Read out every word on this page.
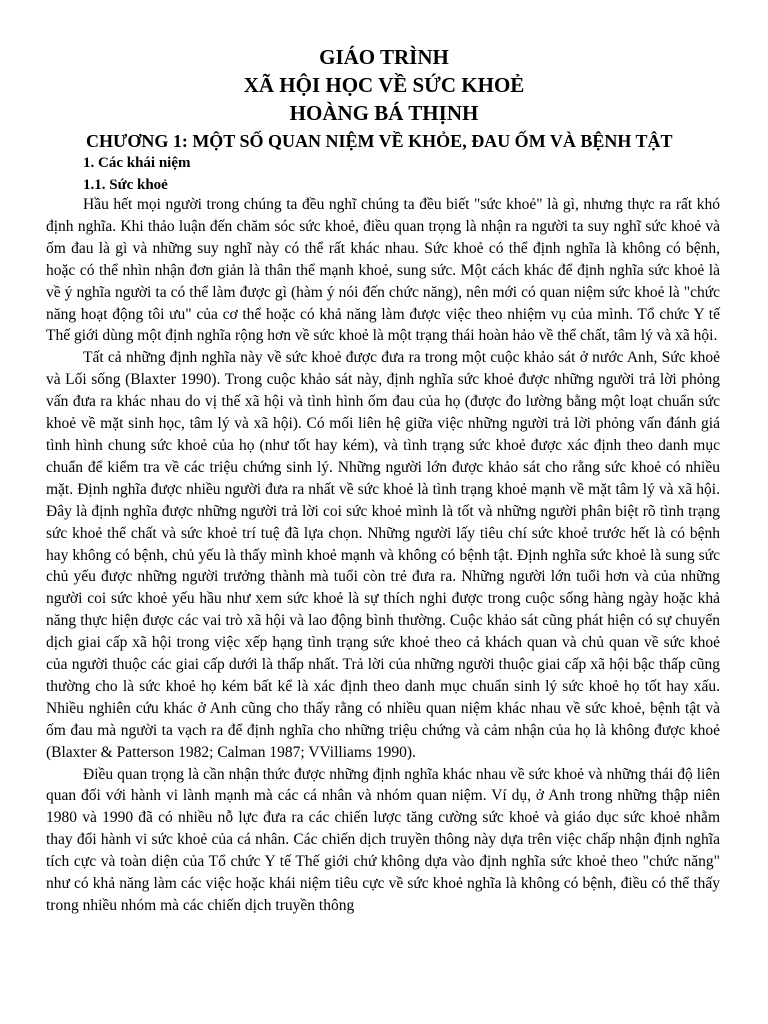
GIÁO TRÌNH

XÃ HỘI HỌC VỀ SỨC KHOẺ

HOÀNG BÁ THỊNH

CHƯƠNG 1: MỘT SỐ QUAN NIỆM VỀ KHỎE, ĐAU ỐM VÀ BỆNH TẬT

1. Các khái niệm

1.1. Sức khoẻ

Hầu hết mọi người trong chúng ta đều nghĩ chúng ta đều biết "sức khoẻ" là gì, nhưng thực ra rất khó định nghĩa. Khi thảo luận đến chăm sóc sức khoẻ, điều quan trọng là nhận ra người ta suy nghĩ sức khoẻ và ốm đau là gì và những suy nghĩ này có thể rất khác nhau. Sức khoẻ có thể định nghĩa là không có bệnh, hoặc có thể nhìn nhận đơn giản là thân thể mạnh khoẻ, sung sức. Một cách khác để định nghĩa sức khoẻ là về ý nghĩa người ta có thể làm được gì (hàm ý nói đến chức năng), nên mới có quan niệm sức khoẻ là "chức năng hoạt động tôi ưu" của cơ thể hoặc có khả năng làm được việc theo nhiệm vụ của mình. Tổ chức Y tế Thế giới dùng một định nghĩa rộng hơn về sức khoẻ là một trạng thái hoàn hảo về thể chất, tâm lý và xã hội.

Tất cả những định nghĩa này về sức khoẻ được đưa ra trong một cuộc khảo sát ở nước Anh, Sức khoẻ và Lối sống (Blaxter 1990). Trong cuộc khảo sát này, định nghĩa sức khoẻ được những người trả lời phỏng vấn đưa ra khác nhau do vị thế xã hội và tình hình ốm đau của họ (được đo lường bằng một loạt chuẩn sức khoẻ về mặt sinh học, tâm lý và xã hội). Có mối liên hệ giữa việc những người trả lời phỏng vấn đánh giá tình hình chung sức khoẻ của họ (như tốt hay kém), và tình trạng sức khoẻ được xác định theo danh mục chuẩn để kiểm tra về các triệu chứng sinh lý. Những người lớn được khảo sát cho rằng sức khoẻ có nhiều mặt. Định nghĩa được nhiều người đưa ra nhất về sức khoẻ là tình trạng khoẻ mạnh về mặt tâm lý và xã hội. Đây là định nghĩa được những người trả lời coi sức khoẻ mình là tốt và những người phân biệt rõ tình trạng sức khoẻ thể chất và sức khoẻ trí tuệ đã lựa chọn. Những người lấy tiêu chí sức khoẻ trước hết là có bệnh hay không có bệnh, chủ yếu là thấy mình khoẻ mạnh và không có bệnh tật. Định nghĩa sức khoẻ là sung sức chủ yếu được những người trưởng thành mà tuổi còn trẻ đưa ra. Những người lớn tuổi hơn và của những người coi sức khoẻ yếu hầu như xem sức khoẻ là sự thích nghi được trong cuộc sống hàng ngày hoặc khả năng thực hiện được các vai trò xã hội và lao động bình thường. Cuộc khảo sát cũng phát hiện có sự chuyển dịch giai cấp xã hội trong việc xếp hạng tình trạng sức khoẻ theo cả khách quan và chủ quan về sức khoẻ của người thuộc các giai cấp dưới là thấp nhất. Trả lời của những người thuộc giai cấp xã hội bậc thấp cũng thường cho là sức khoẻ họ kém bất kể là xác định theo danh mục chuẩn sinh lý sức khoẻ họ tốt hay xấu. Nhiều nghiên cứu khác ở Anh cũng cho thấy rằng có nhiều quan niệm khác nhau về sức khoẻ, bệnh tật và ốm đau mà người ta vạch ra để định nghĩa cho những triệu chứng và cảm nhận của họ là không được khoẻ (Blaxter & Patterson 1982; Calman 1987; VVilliams 1990).

Điều quan trọng là cần nhận thức được những định nghĩa khác nhau về sức khoẻ và những thái độ liên quan đối với hành vi lành mạnh mà các cá nhân và nhóm quan niệm. Ví dụ, ở Anh trong những thập niên 1980 và 1990 đã có nhiều nỗ lực đưa ra các chiến lược tăng cường sức khoẻ và giáo dục sức khoẻ nhằm thay đổi hành vi sức khoẻ của cá nhân. Các chiến dịch truyền thông này dựa trên việc chấp nhận định nghĩa tích cực và toàn diện của Tổ chức Y tế Thế giới chứ không dựa vào định nghĩa sức khoẻ theo "chức năng" như có khả năng làm các việc hoặc khái niệm tiêu cực về sức khoẻ nghĩa là không có bệnh, điều có thể thấy trong nhiều nhóm mà các chiến dịch truyền thông
